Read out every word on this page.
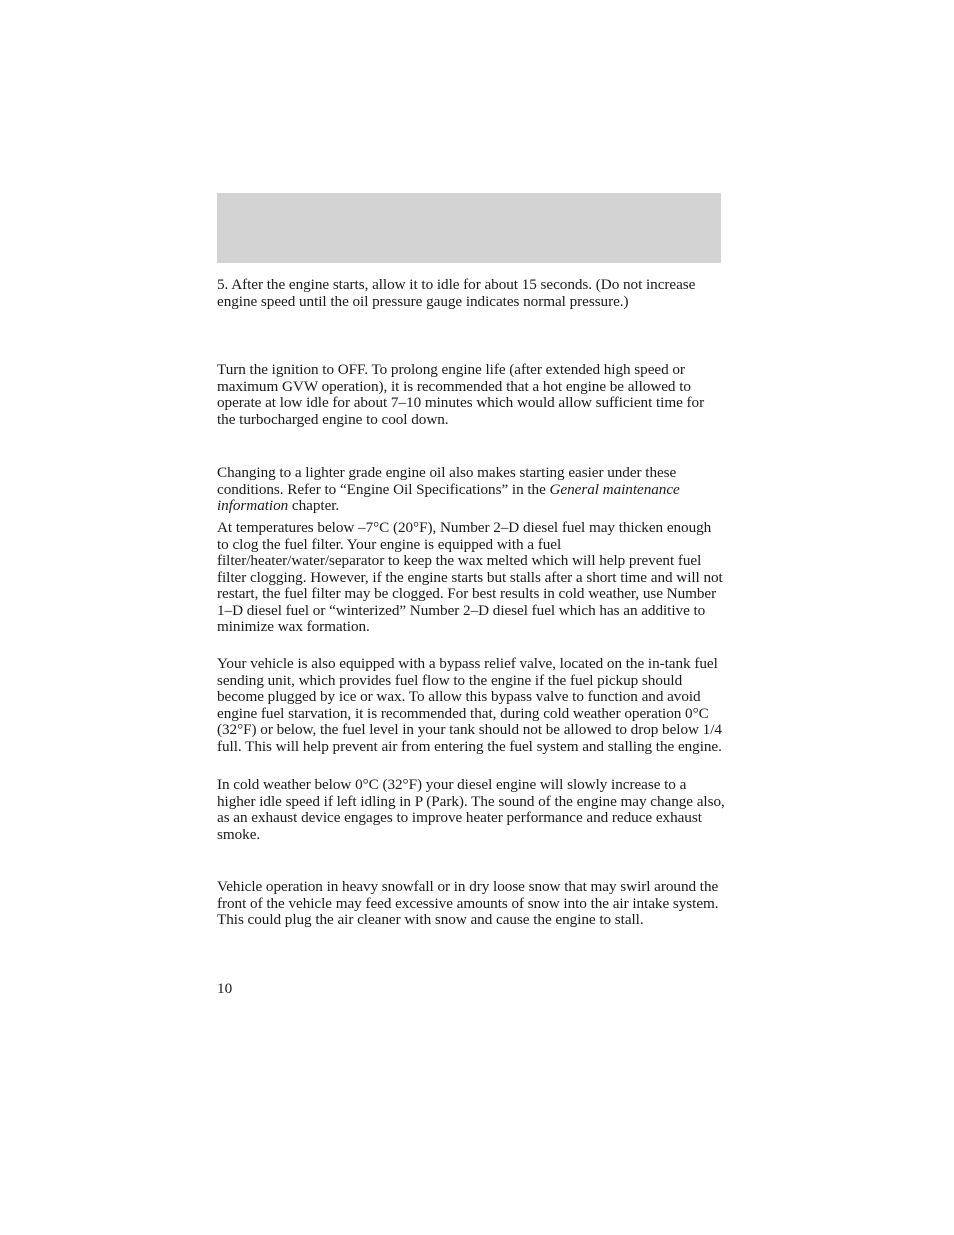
5. After the engine starts, allow it to idle for about 15 seconds. (Do not increase engine speed until the oil pressure gauge indicates normal pressure.)

Turn the ignition to OFF. To prolong engine life (after extended high speed or maximum GVW operation), it is recommended that a hot engine be allowed to operate at low idle for about 7–10 minutes which would allow sufficient time for the turbocharged engine to cool down.

Changing to a lighter grade engine oil also makes starting easier under these conditions. Refer to “Engine Oil Specifications” in the General maintenance information chapter.

At temperatures below –7°C (20°F), Number 2–D diesel fuel may thicken enough to clog the fuel filter. Your engine is equipped with a fuel filter/heater/water/separator to keep the wax melted which will help prevent fuel filter clogging. However, if the engine starts but stalls after a short time and will not restart, the fuel filter may be clogged. For best results in cold weather, use Number 1–D diesel fuel or “winterized” Number 2–D diesel fuel which has an additive to minimize wax formation.

Your vehicle is also equipped with a bypass relief valve, located on the in-tank fuel sending unit, which provides fuel flow to the engine if the fuel pickup should become plugged by ice or wax. To allow this bypass valve to function and avoid engine fuel starvation, it is recommended that, during cold weather operation 0°C (32°F) or below, the fuel level in your tank should not be allowed to drop below 1/4 full. This will help prevent air from entering the fuel system and stalling the engine.

In cold weather below 0°C (32°F) your diesel engine will slowly increase to a higher idle speed if left idling in P (Park). The sound of the engine may change also, as an exhaust device engages to improve heater performance and reduce exhaust smoke.

Vehicle operation in heavy snowfall or in dry loose snow that may swirl around the front of the vehicle may feed excessive amounts of snow into the air intake system. This could plug the air cleaner with snow and cause the engine to stall.

10
